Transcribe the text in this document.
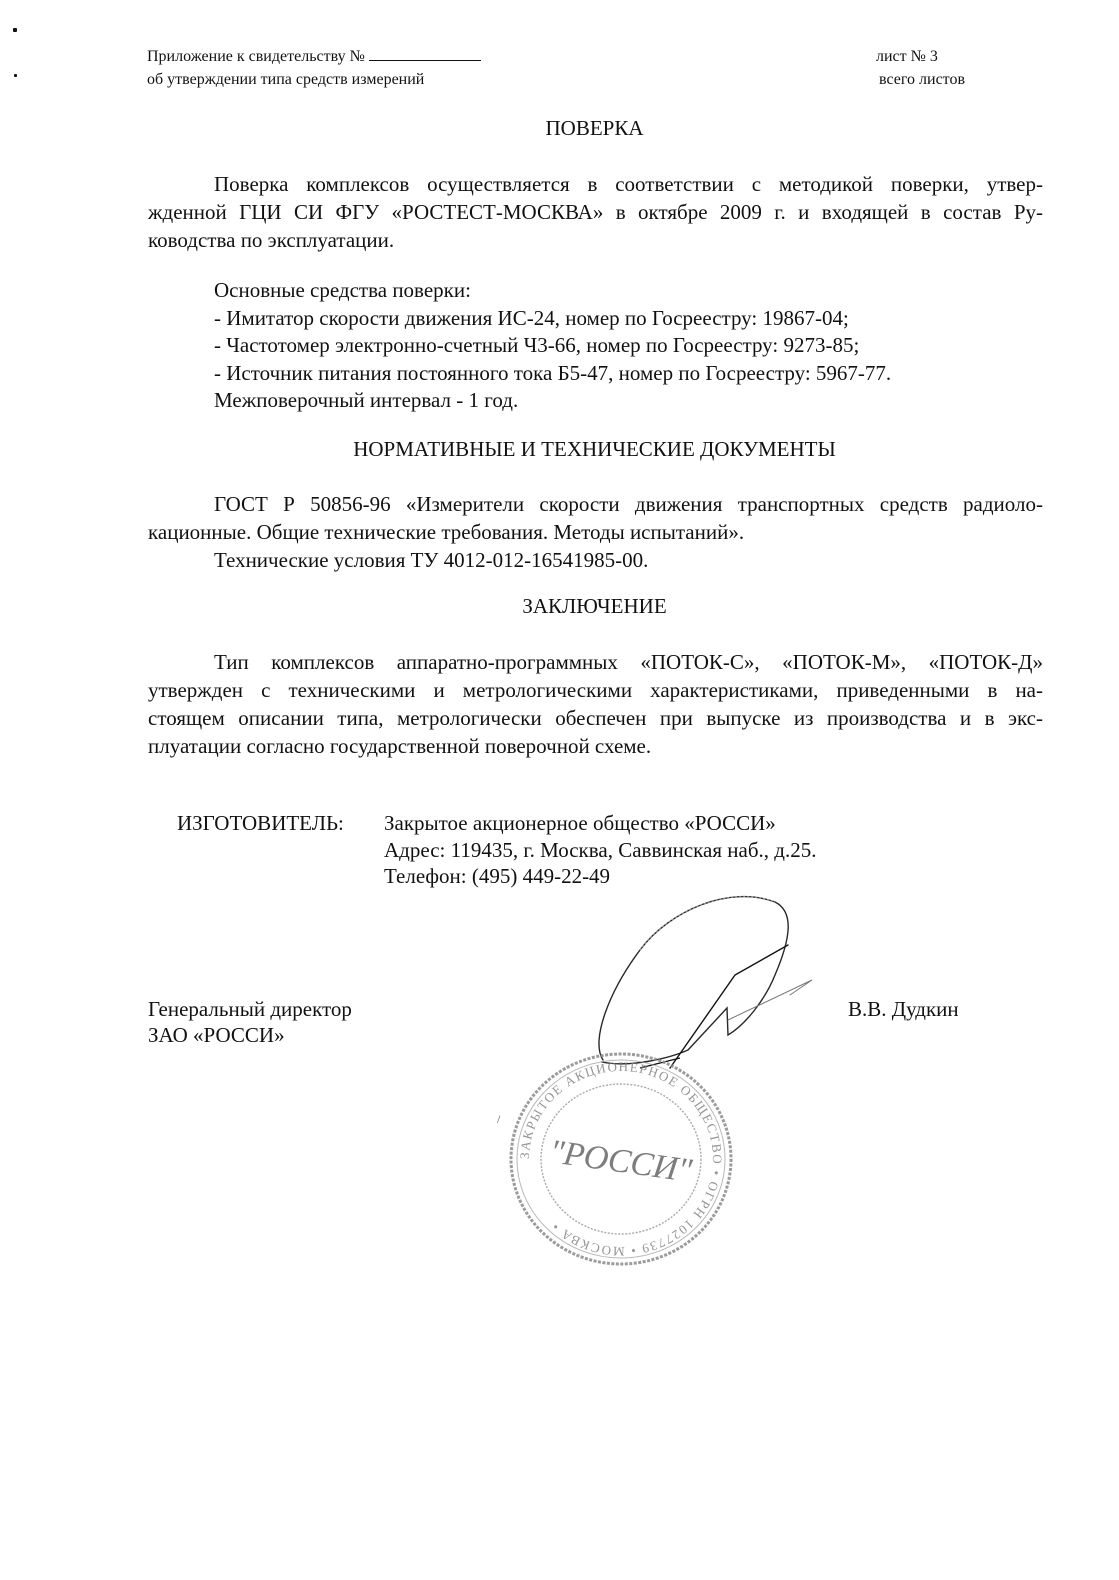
Приложение к свидетельству №
об утверждении типа средств измерений
лист № 3
всего листов
ПОВЕРКА
Поверка комплексов осуществляется в соответствии с методикой поверки, утвер-
жденной ГЦИ СИ ФГУ «РОСТЕСТ-МОСКВА» в октябре 2009 г. и входящей в состав Ру-
ководства по эксплуатации.
Основные средства поверки:
- Имитатор скорости движения ИС-24, номер по Госреестру: 19867-04;
- Частотомер электронно-счетный Ч3-66, номер по Госреестру: 9273-85;
- Источник питания постоянного тока Б5-47, номер по Госреестру: 5967-77.
Межповерочный интервал - 1 год.
НОРМАТИВНЫЕ И ТЕХНИЧЕСКИЕ ДОКУМЕНТЫ
ГОСТ Р 50856-96 «Измерители скорости движения транспортных средств радиоло-
кационные. Общие технические требования. Методы испытаний».
Технические условия ТУ 4012-012-16541985-00.
ЗАКЛЮЧЕНИЕ
Тип комплексов аппаратно-программных «ПОТОК-С», «ПОТОК-М», «ПОТОК-Д»
утвержден с техническими и метрологическими характеристиками, приведенными в на-
стоящем описании типа, метрологически обеспечен при выпуске из производства и в экс-
плуатации согласно государственной поверочной схеме.
ИЗГОТОВИТЕЛЬ: Закрытое акционерное общество «РОССИ»
Адрес: 119435, г. Москва, Саввинская наб., д.25.
Телефон: (495) 449-22-49
Генеральный директор
ЗАО «РОССИ»
В.В. Дудкин
ЗАКРЫТОЕ АКЦИОНЕРНОЕ ОБЩЕСТВО • ОГРН 1027739 • МОСКВА •
"РОССИ"
/
